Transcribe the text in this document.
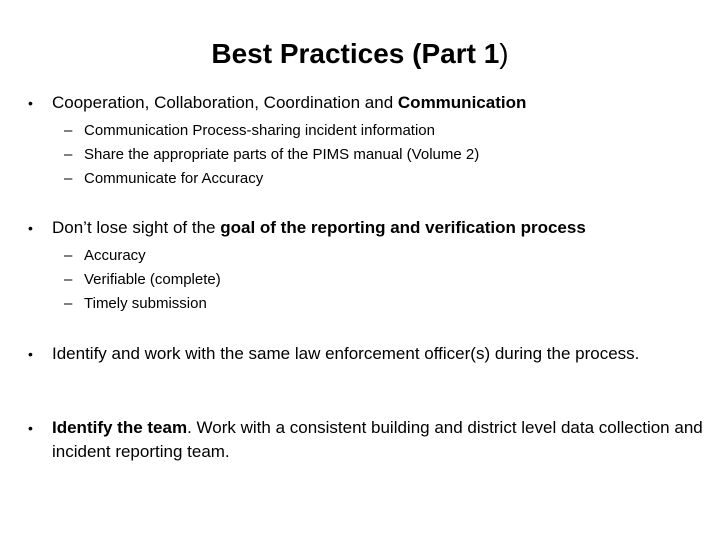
Best Practices (Part 1)
• Cooperation, Collaboration, Coordination and Communication
– Communication Process-sharing incident information
– Share the appropriate parts of the PIMS manual (Volume 2)
– Communicate for Accuracy
• Don’t lose sight of the goal of the reporting and verification process
– Accuracy
– Verifiable (complete)
– Timely submission
• Identify and work with the same law enforcement officer(s) during the process.
• Identify the team. Work with a consistent building and district level data collection and incident reporting team.
